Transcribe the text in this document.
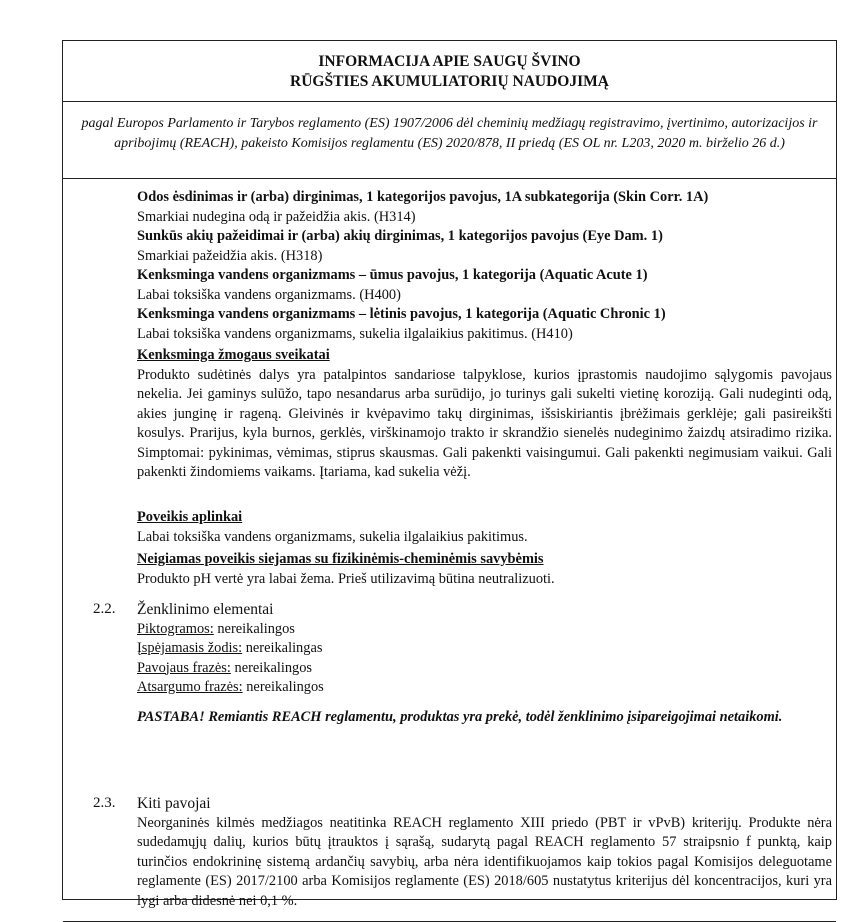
INFORMACIJA APIE SAUGŲ ŠVINO
RŪGŠTIES AKUMULIATORIŲ NAUDOJIMĄ
pagal Europos Parlamento ir Tarybos reglamento (ES) 1907/2006 dėl cheminių medžiagų registravimo, įvertinimo, autorizacijos ir apribojimų (REACH), pakeisto Komisijos reglamentu (ES) 2020/878, II priedą (ES OL nr. L203, 2020 m. birželio 26 d.)
Odos ėsdinimas ir (arba) dirginimas, 1 kategorijos pavojus, 1A subkategorija (Skin Corr. 1A)
Smarkiai nudegina odą ir pažeidžia akis. (H314)
Sunkūs akių pažeidimai ir (arba) akių dirginimas, 1 kategorijos pavojus (Eye Dam. 1)
Smarkiai pažeidžia akis. (H318)
Kenksminga vandens organizmams – ūmus pavojus, 1 kategorija (Aquatic Acute 1)
Labai toksiška vandens organizmams. (H400)
Kenksminga vandens organizmams – lėtinis pavojus, 1 kategorija (Aquatic Chronic 1)
Labai toksiška vandens organizmams, sukelia ilgalaikius pakitimus. (H410)
Kenksminga žmogaus sveikatai
Produkto sudėtinės dalys yra patalpintos sandariose talpyklose, kurios įprastomis naudojimo sąlygomis pavojaus nekelia. Jei gaminys sulūžo, tapo nesandarus arba surūdijo, jo turinys gali sukelti vietinę koroziją. Gali nudeginti odą, akies junginę ir rageną. Gleivinės ir kvėpavimo takų dirginimas, išsiskiriantis įbrėžimais gerklėje; gali pasireikšti kosulys. Prarijus, kyla burnos, gerklės, virškinamojo trakto ir skrandžio sienelės nudeginimo žaizdų atsiradimo rizika. Simptomai: pykinimas, vėmimas, stiprus skausmas. Gali pakenkti vaisingumui. Gali pakenkti negimusiam vaikui. Gali pakenkti žindomiems vaikams. Įtariama, kad sukelia vėžį.
Poveikis aplinkai
Labai toksiška vandens organizmams, sukelia ilgalaikius pakitimus.
Neigiamas poveikis siejamas su fizikinėmis-cheminėmis savybėmis
Produkto pH vertė yra labai žema. Prieš utilizavimą būtina neutralizuoti.
2.2. Ženklinimo elementai
Piktogramos: nereikalingos
Įspėjamasis žodis: nereikalingas
Pavojaus frazės: nereikalingos
Atsargumo frazės: nereikalingos
PASTABA! Remiantis REACH reglamentu, produktas yra prekė, todėl ženklinimo įsipareigojimai netaikomi.
2.3. Kiti pavojai
Neorganinės kilmės medžiagos neatitinka REACH reglamento XIII priedo (PBT ir vPvB) kriterijų. Produkte nėra sudedamųjų dalių, kurios būtų įtrauktos į sąrašą, sudarytą pagal REACH reglamento 57 straipsnio f punktą, kaip turinčios endokrininę sistemą ardančių savybių, arba nėra identifikuojamos kaip tokios pagal Komisijos deleguotame reglamente (ES) 2017/2100 arba Komisijos reglamente (ES) 2018/605 nustatytus kriterijus dėl koncentracijos, kuri yra lygi arba didesnė nei 0,1 %.
